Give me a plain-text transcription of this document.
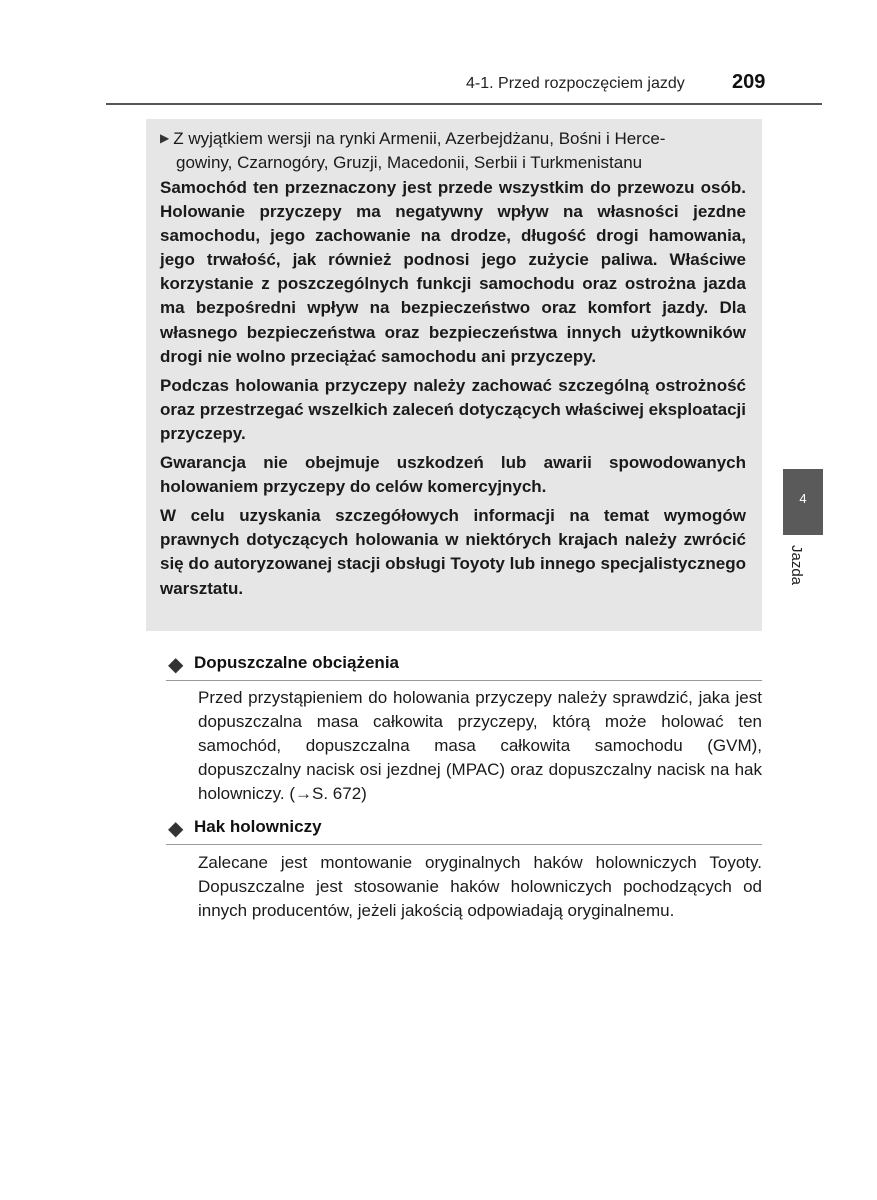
4-1. Przed rozpoczęciem jazdy 209
▶ Z wyjątkiem wersji na rynki Armenii, Azerbejdżanu, Bośni i Herce-
gowiny, Czarnogóry, Gruzji, Macedonii, Serbii i Turkmenistanu

Samochód ten przeznaczony jest przede wszystkim do przewozu osób. Holowanie przyczepy ma negatywny wpływ na własności jezdne samochodu, jego zachowanie na drodze, długość drogi hamowania, jego trwałość, jak również podnosi jego zużycie paliwa. Właściwe korzystanie z poszczególnych funkcji samochodu oraz ostrożna jazda ma bezpośredni wpływ na bezpieczeństwo oraz komfort jazdy. Dla własnego bezpieczeństwa oraz bezpieczeństwa innych użytkowników drogi nie wolno przeciążać samochodu ani przyczepy.

Podczas holowania przyczepy należy zachować szczególną ostrożność oraz przestrzegać wszelkich zaleceń dotyczących właściwej eksploatacji przyczepy.

Gwarancja nie obejmuje uszkodzeń lub awarii spowodowanych holowaniem przyczepy do celów komercyjnych.

W celu uzyskania szczegółowych informacji na temat wymogów prawnych dotyczących holowania w niektórych krajach należy zwrócić się do autoryzowanej stacji obsługi Toyoty lub innego specjalistycznego warsztatu.

◆ Dopuszczalne obciążenia

Przed przystąpieniem do holowania przyczepy należy sprawdzić, jaka jest dopuszczalna masa całkowita przyczepy, którą może holować ten samochód, dopuszczalna masa całkowita samochodu (GVM), dopuszczalny nacisk osi jezdnej (MPAC) oraz dopuszczalny nacisk na hak holowniczy. (→S. 672)

◆ Hak holowniczy

Zalecane jest montowanie oryginalnych haków holowniczych Toyoty. Dopuszczalne jest stosowanie haków holowniczych pochodzących od innych producentów, jeżeli jakością odpowiadają oryginalnemu.

4
Jazda
